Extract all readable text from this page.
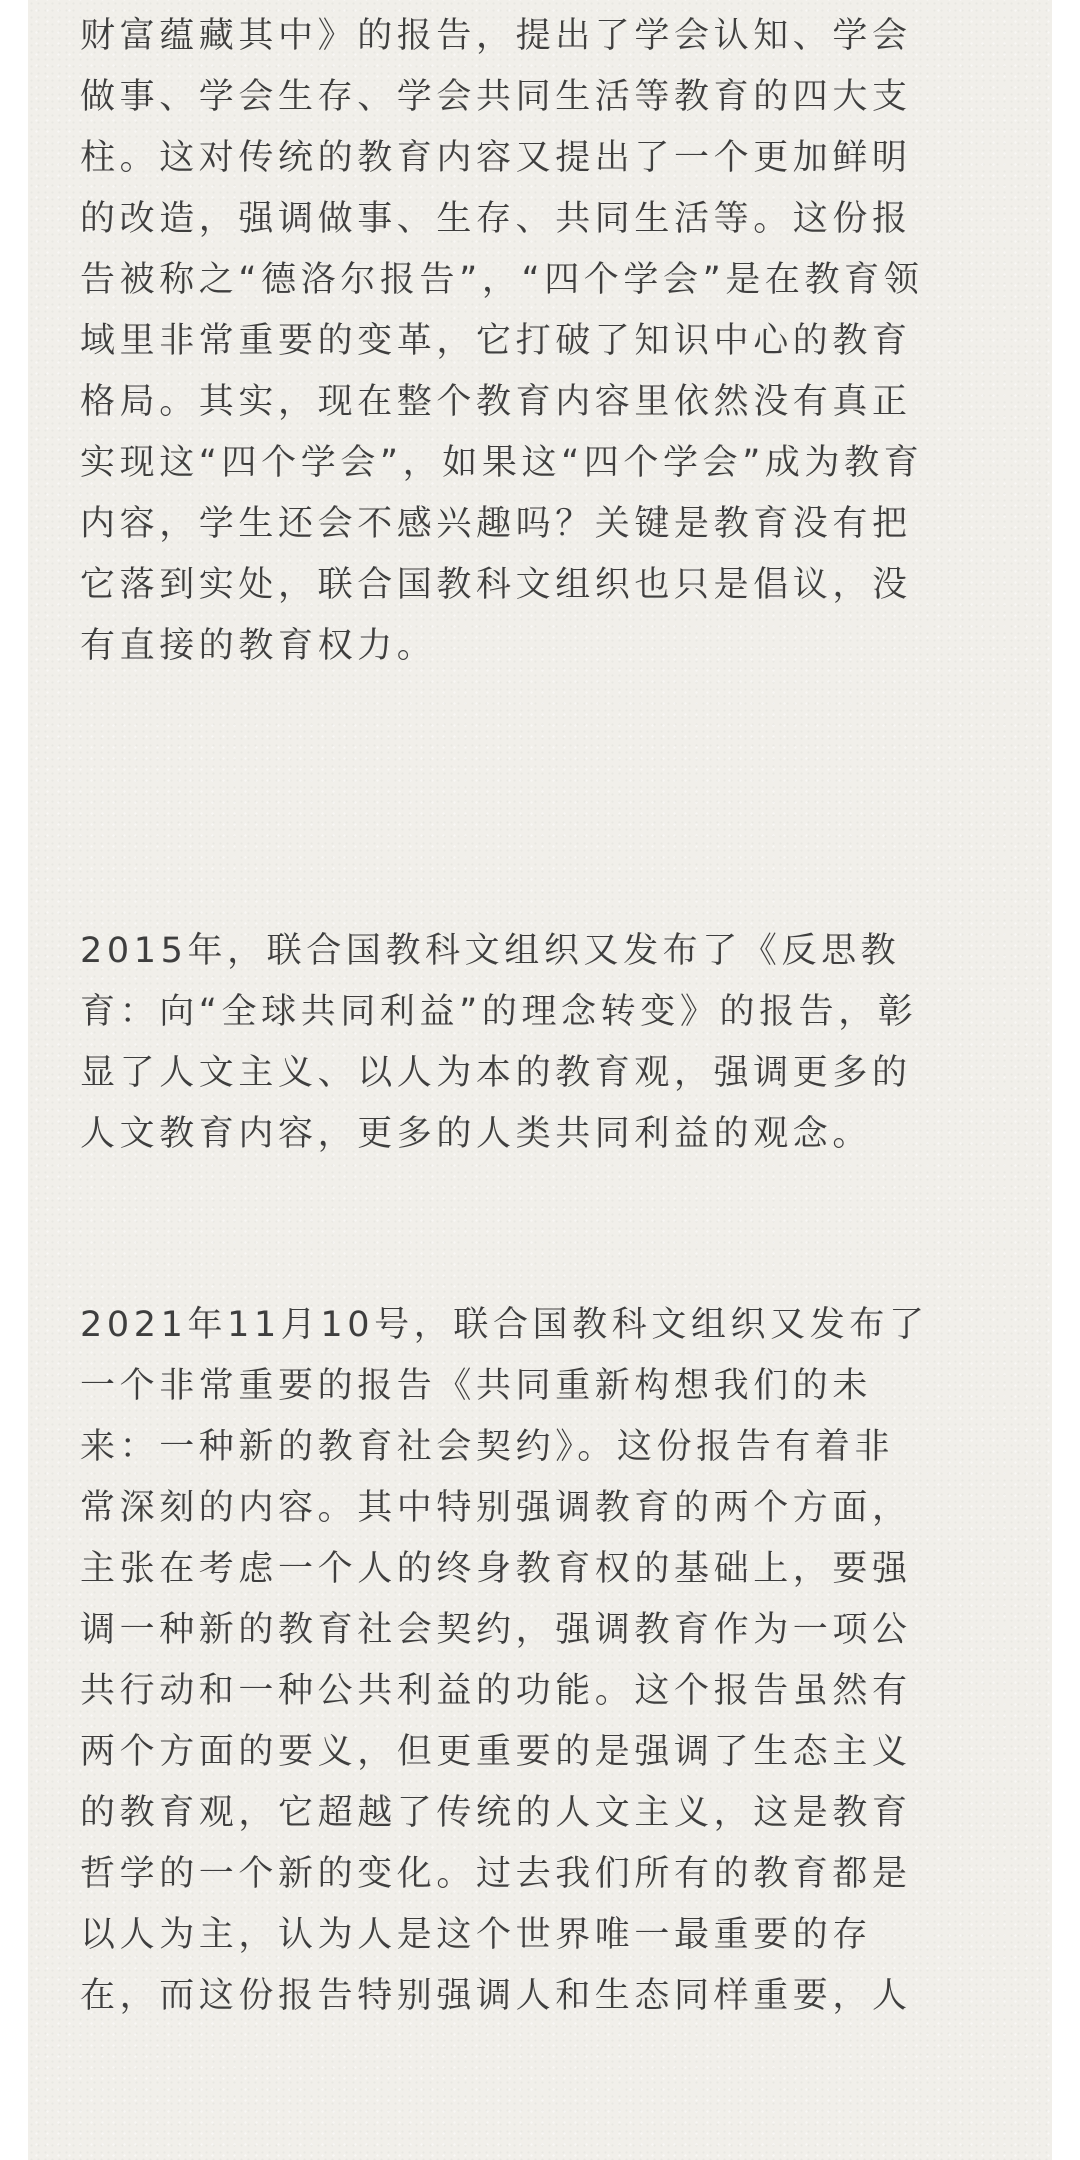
财富蕴藏其中》的报告，提出了学会认知、学会
做事、学会生存、学会共同生活等教育的四大支
柱。这对传统的教育内容又提出了一个更加鲜明
的改造，强调做事、生存、共同生活等。这份报
告被称之“德洛尔报告”，“四个学会”是在教育领
域里非常重要的变革，它打破了知识中心的教育
格局。其实，现在整个教育内容里依然没有真正
实现这“四个学会”，如果这“四个学会”成为教育
内容，学生还会不感兴趣吗？关键是教育没有把
它落到实处，联合国教科文组织也只是倡议，没
有直接的教育权力。

2015年，联合国教科文组织又发布了《反思教
育：向“全球共同利益”的理念转变》的报告，彰
显了人文主义、以人为本的教育观，强调更多的
人文教育内容，更多的人类共同利益的观念。

2021年11月10号，联合国教科文组织又发布了
一个非常重要的报告《共同重新构想我们的未
来：一种新的教育社会契约》。这份报告有着非
常深刻的内容。其中特别强调教育的两个方面，
主张在考虑一个人的终身教育权的基础上，要强
调一种新的教育社会契约，强调教育作为一项公
共行动和一种公共利益的功能。这个报告虽然有
两个方面的要义，但更重要的是强调了生态主义
的教育观，它超越了传统的人文主义，这是教育
哲学的一个新的变化。过去我们所有的教育都是
以人为主，认为人是这个世界唯一最重要的存
在，而这份报告特别强调人和生态同样重要，人
